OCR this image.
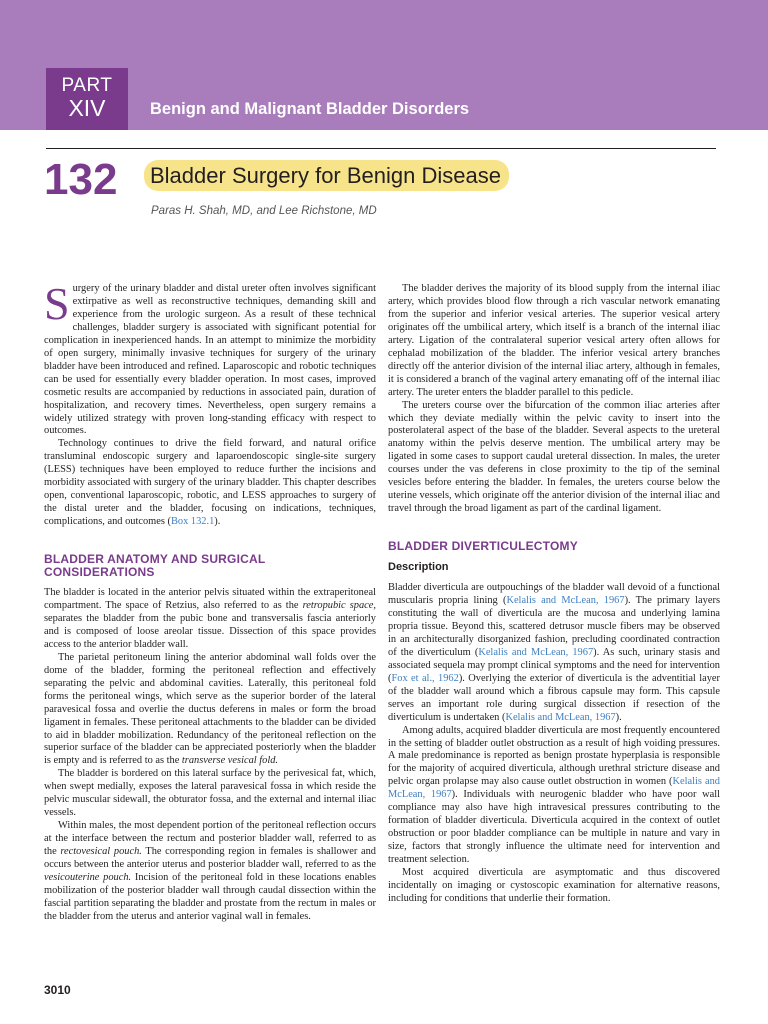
PART
XIV	Benign and Malignant Bladder Disorders
132 Bladder Surgery for Benign Disease
Paras H. Shah, MD, and Lee Richstone, MD

Surgery of the urinary bladder and distal ureter often involves significant extirpative as well as reconstructive techniques, demanding skill and experience from the urologic surgeon. As a result of these technical challenges, bladder surgery is associated with significant potential for complication in inexperienced hands. In an attempt to minimize the morbidity of open surgery, minimally invasive techniques for surgery of the urinary bladder have been introduced and refined. Laparoscopic and robotic techniques can be used for essentially every bladder operation. In most cases, improved cosmetic results are accompanied by reductions in associated pain, duration of hospitalization, and recovery times. Nevertheless, open surgery remains a widely utilized strategy with proven long-standing efficacy with respect to outcomes.

Technology continues to drive the field forward, and natural orifice transluminal endoscopic surgery and laparoendoscopic single-site surgery (LESS) techniques have been employed to reduce further the incisions and morbidity associated with surgery of the urinary bladder. This chapter describes open, conventional laparoscopic, robotic, and LESS approaches to surgery of the distal ureter and the bladder, focusing on indications, techniques, complications, and outcomes (Box 132.1).

BLADDER ANATOMY AND SURGICAL CONSIDERATIONS

The bladder is located in the anterior pelvis situated within the extraperitoneal compartment. The space of Retzius, also referred to as the retropubic space, separates the bladder from the pubic bone and transversalis fascia anteriorly and is composed of loose areolar tissue. Dissection of this space provides access to the anterior bladder wall.

The parietal peritoneum lining the anterior abdominal wall folds over the dome of the bladder, forming the peritoneal reflection and effectively separating the pelvic and abdominal cavities. Laterally, this peritoneal fold forms the peritoneal wings, which serve as the superior border of the lateral paravesical fossa and overlie the ductus deferens in males or form the broad ligament in females. These peritoneal attachments to the bladder can be divided to aid in bladder mobilization. Redundancy of the peritoneal reflection on the superior surface of the bladder can be appreciated posteriorly when the bladder is empty and is referred to as the transverse vesical fold.

The bladder is bordered on this lateral surface by the perivesical fat, which, when swept medially, exposes the lateral paravesical fossa in which reside the pelvic muscular sidewall, the obturator fossa, and the external and internal iliac vessels.

Within males, the most dependent portion of the peritoneal reflection occurs at the interface between the rectum and posterior bladder wall, referred to as the rectovesical pouch. The corresponding region in females is shallower and occurs between the anterior uterus and posterior bladder wall, referred to as the vesicouterine pouch. Incision of the peritoneal fold in these locations enables mobilization of the posterior bladder wall through caudal dissection within the fascial partition separating the bladder and prostate from the rectum in males or the bladder from the uterus and anterior vaginal wall in females.

The bladder derives the majority of its blood supply from the internal iliac artery, which provides blood flow through a rich vascular network emanating from the superior and inferior vesical arteries. The superior vesical artery originates off the umbilical artery, which itself is a branch of the internal iliac artery. Ligation of the contralateral superior vesical artery often allows for cephalad mobilization of the bladder. The inferior vesical artery branches directly off the anterior division of the internal iliac artery, although in females, it is considered a branch of the vaginal artery emanating off of the internal iliac artery. The ureter enters the bladder parallel to this pedicle.

The ureters course over the bifurcation of the common iliac arteries after which they deviate medially within the pelvic cavity to insert into the posterolateral aspect of the base of the bladder. Several aspects to the ureteral anatomy within the pelvis deserve mention. The umbilical artery may be ligated in some cases to support caudal ureteral dissection. In males, the ureter courses under the vas deferens in close proximity to the tip of the seminal vesicles before entering the bladder. In females, the ureters course below the uterine vessels, which originate off the anterior division of the internal iliac and travel through the broad ligament as part of the cardinal ligament.

BLADDER DIVERTICULECTOMY
Description

Bladder diverticula are outpouchings of the bladder wall devoid of a functional muscularis propria lining (Kelalis and McLean, 1967). The primary layers constituting the wall of diverticula are the mucosa and underlying lamina propria tissue. Beyond this, scattered detrusor muscle fibers may be observed in an architecturally disorganized fashion, precluding coordinated contraction of the diverticulum (Kelalis and McLean, 1967). As such, urinary stasis and associated sequela may prompt clinical symptoms and the need for intervention (Fox et al., 1962). Overlying the exterior of diverticula is the adventitial layer of the bladder wall around which a fibrous capsule may form. This capsule serves an important role during surgical dissection if resection of the diverticulum is undertaken (Kelalis and McLean, 1967).

Among adults, acquired bladder diverticula are most frequently encountered in the setting of bladder outlet obstruction as a result of high voiding pressures. A male predominance is reported as benign prostate hyperplasia is responsible for the majority of acquired diverticula, although urethral stricture disease and pelvic organ prolapse may also cause outlet obstruction in women (Kelalis and McLean, 1967). Individuals with neurogenic bladder who have poor wall compliance may also have high intravesical pressures contributing to the formation of bladder diverticula. Diverticula acquired in the context of outlet obstruction or poor bladder compliance can be multiple in nature and vary in size, factors that strongly influence the ultimate need for intervention and treatment selection.

Most acquired diverticula are asymptomatic and thus discovered incidentally on imaging or cystoscopic examination for alternative reasons, including for conditions that underlie their formation.

3010
